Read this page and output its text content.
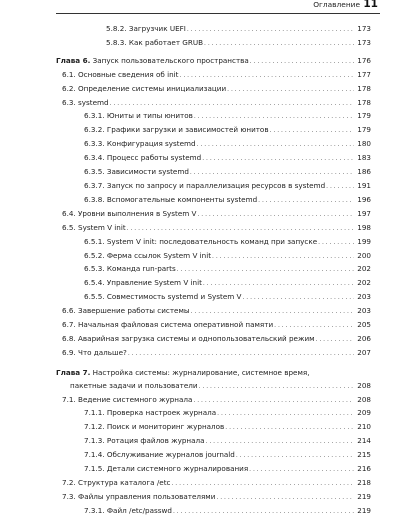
Оглавление 11
5.8.2. Загрузчик UEFI . . .	173
5.8.3. Как работает GRUB . . .	173
Глава 6. Запуск пользовательского пространства . . .	176
6.1. Основные сведения об init . . .	177
6.2. Определение системы инициализации . . .	178
6.3. systemd . . .	178
6.3.1. Юниты и типы юнитов . . .	179
6.3.2. Графики загрузки и зависимостей юнитов . . .	179
6.3.3. Конфигурация systemd . . .	180
6.3.4. Процесс работы systemd . . .	183
6.3.5. Зависимости systemd . . .	186
6.3.7. Запуск по запросу и параллелизация ресурсов в systemd . . .	191
6.3.8. Вспомогательные компоненты systemd . . .	196
6.4. Уровни выполнения в System V . . .	197
6.5. System V init . . .	198
6.5.1. System V init: последовательность команд при запуске . . .	199
6.5.2. Ферма ссылок System V init . . .	200
6.5.3. Команда run-parts . . .	202
6.5.4. Управление System V init . . .	202
6.5.5. Совместимость systemd и System V . . .	203
6.6. Завершение работы системы . . .	203
6.7. Начальная файловая система оперативной памяти . . .	205
6.8. Аварийная загрузка системы и однопользовательский режим . . .	206
6.9. Что дальше? . . .	207
Глава 7. Настройка системы: журналирование, системное время,
пакетные задачи и пользователи . . .	208
7.1. Ведение системного журнала . . .	208
7.1.1. Проверка настроек журнала . . .	209
7.1.2. Поиск и мониторинг журналов . . .	210
7.1.3. Ротация файлов журнала . . .	214
7.1.4. Обслуживание журналов journald . . .	215
7.1.5. Детали системного журналирования . . .	216
7.2. Структура каталога /etc . . .	218
7.3. Файлы управления пользователями . . .	219
7.3.1. Файл /etc/passwd . . .	219
